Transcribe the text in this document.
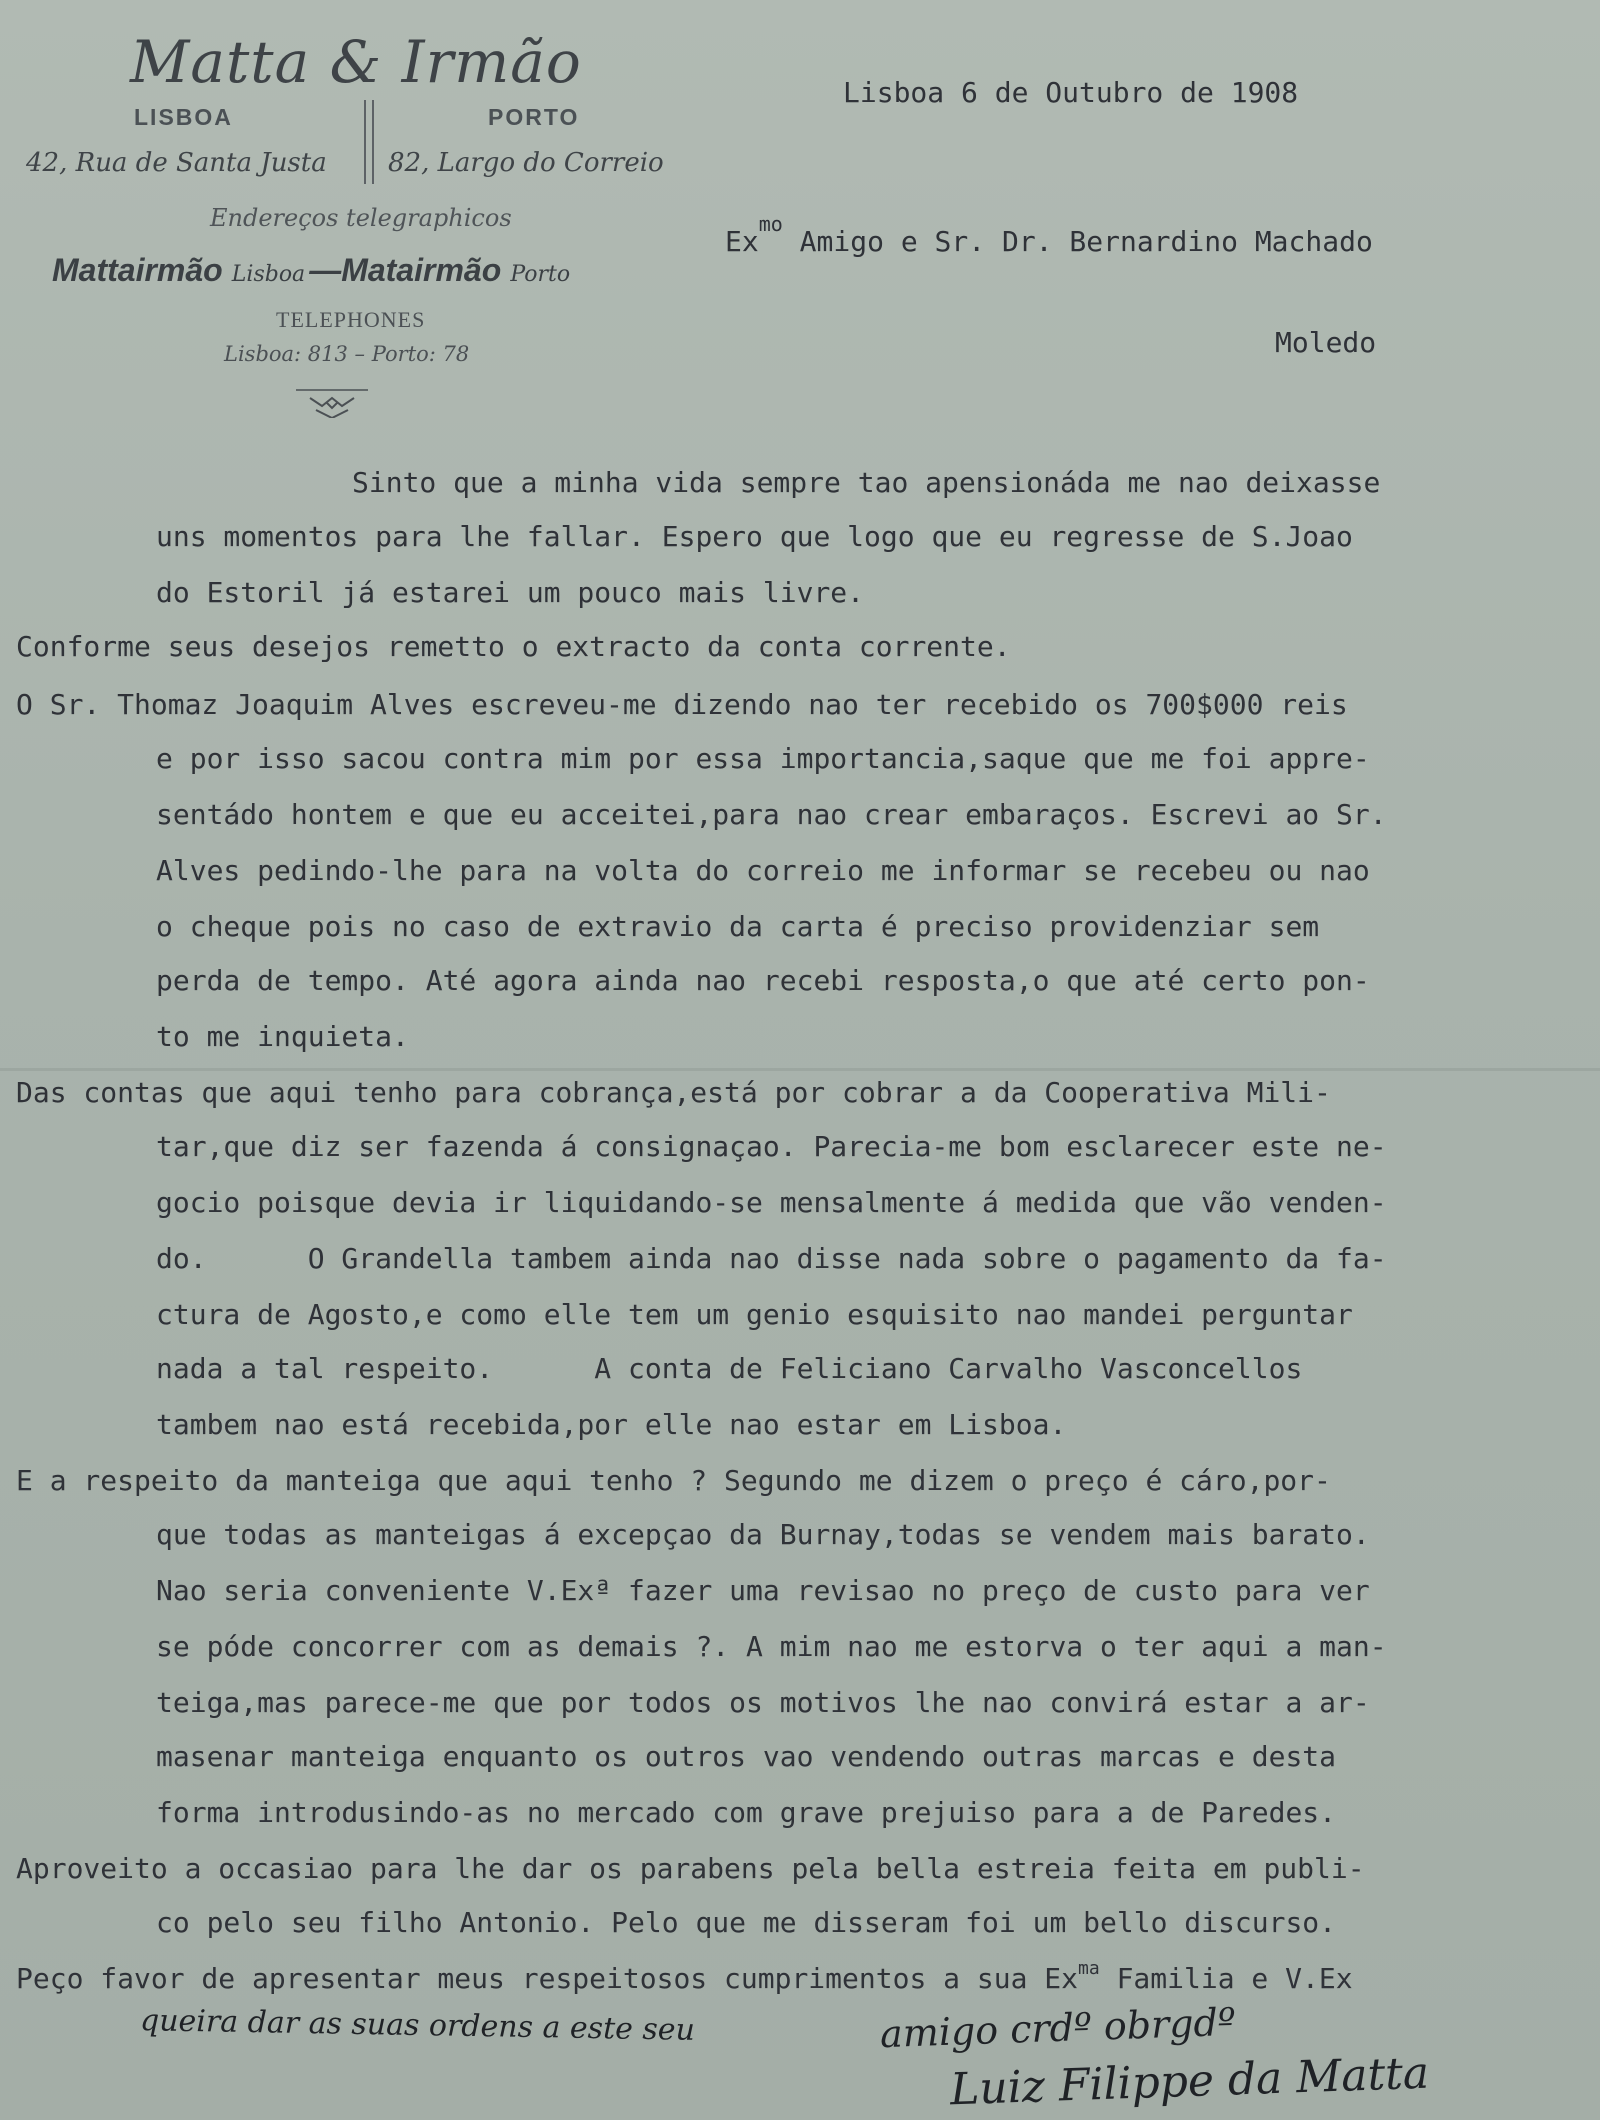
Matta & Irmão
LISBOA	PORTO
42, Rua de Santa Justa 82, Largo do Correio
Endereços telegraphicos
Mattairmão Lisboa —Matairmão Porto
TELEPHONES
Lisboa: 813 – Porto: 78
Lisboa 6 de Outubro de 1908
$Ex^{mo}$ Amigo e Sr. Dr. Bernardino Machado
Moledo
Sinto que a minha vida sempre tao apensionáda me nao deixasse
uns momentos para lhe fallar. Espero que logo que eu regresse de S.Joao
do Estoril já estarei um pouco mais livre.
Conforme seus desejos remetto o extracto da conta corrente.
O Sr. Thomaz Joaquim Alves escreveu-me dizendo nao ter recebido os 700$000 reis
e por isso sacou contra mim por essa importancia,saque que me foi appre-
sentádo hontem e que eu acceitei,para nao crear embaraços. Escrevi ao Sr.
Alves pedindo-lhe para na volta do correio me informar se recebeu ou nao
o cheque pois no caso de extravio da carta é preciso providenziar sem
perda de tempo. Até agora ainda nao recebi resposta,o que até certo pon-
to me inquieta.
Das contas que aqui tenho para cobrança,está por cobrar a da Cooperativa Mili-
tar,que diz ser fazenda á consignaçao. Parecia-me bom esclarecer este ne-
gocio poisque devia ir liquidando-se mensalmente á medida que vão venden-
do.      O Grandella tambem ainda nao disse nada sobre o pagamento da fa-
ctura de Agosto,e como elle tem um genio esquisito nao mandei perguntar
nada a tal respeito.      A conta de Feliciano Carvalho Vasconcellos
tambem nao está recebida,por elle nao estar em Lisboa.
E a respeito da manteiga que aqui tenho ? Segundo me dizem o preço é cáro,por-
que todas as manteigas á excepçao da Burnay,todas se vendem mais barato.
Nao seria conveniente V.Exª fazer uma revisao no preço de custo para ver
se póde concorrer com as demais ?. A mim nao me estorva o ter aqui a man-
teiga,mas parece-me que por todos os motivos lhe nao convirá estar a ar-
masenar manteiga enquanto os outros vao vendendo outras marcas e desta
forma introdusindo-as no mercado com grave prejuiso para a de Paredes.
Aproveito a occasiao para lhe dar os parabens pela bella estreia feita em publi-
co pelo seu filho Antonio. Pelo que me disseram foi um bello discurso.
Peço favor de apresentar meus respeitosos cumprimentos a sua $Ex^{ma}$ Familia e V.Ex
queira dar as suas ordens a este seu	amigo crdº obrgdº
Luiz Filippe da Matta
